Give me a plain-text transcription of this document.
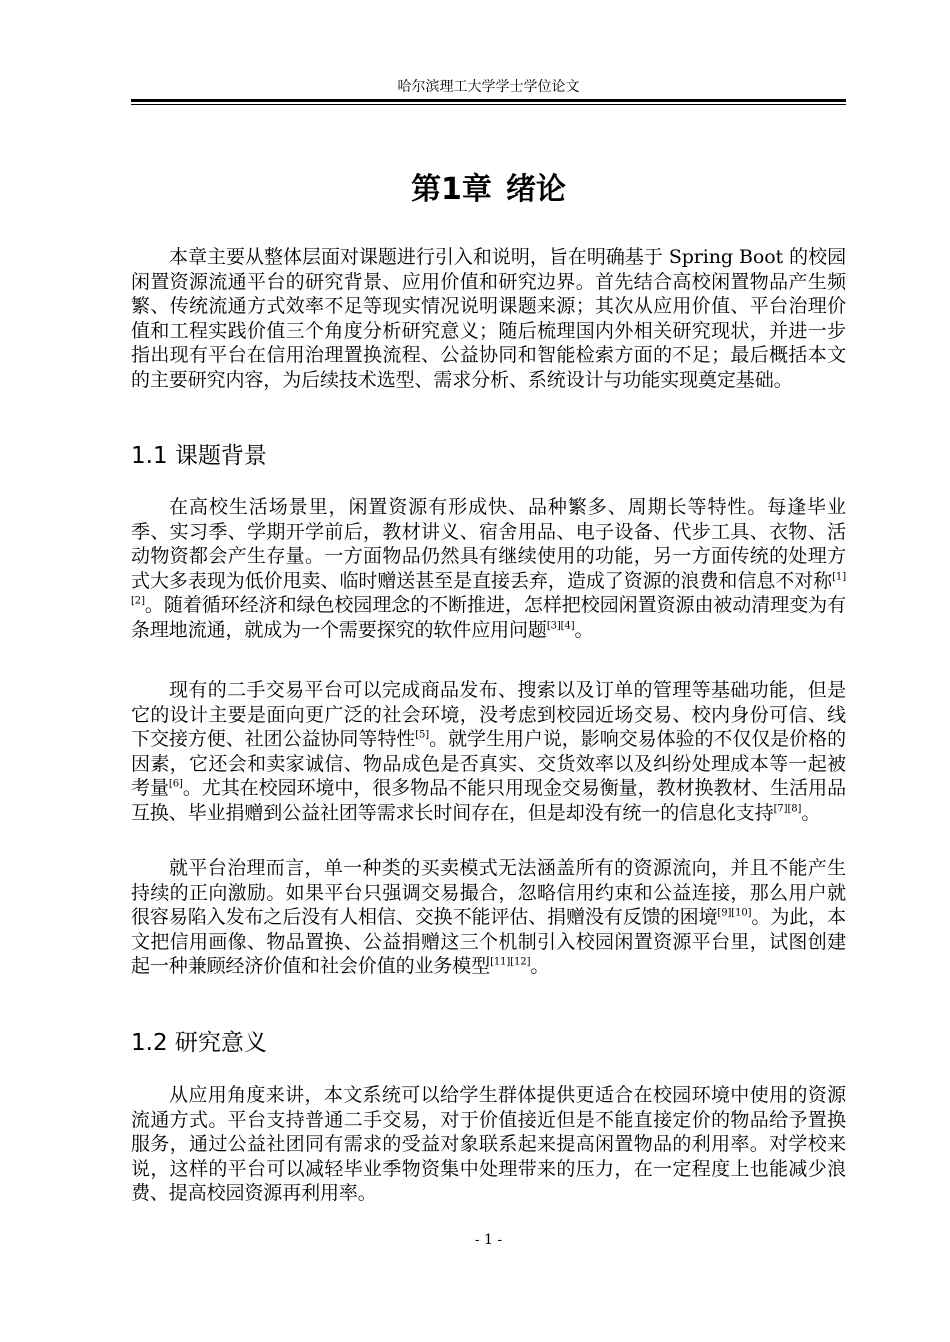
哈尔滨理工大学学士学位论文
第1章 绪论

本章主要从整体层面对课题进行引入和说明，旨在明确基于 Spring Boot 的校园闲置资源流通平台的研究背景、应用价值和研究边界。首先结合高校闲置物品产生频繁、传统流通方式效率不足等现实情况说明课题来源；其次从应用价值、平台治理价值和工程实践价值三个角度分析研究意义；随后梳理国内外相关研究现状，并进一步指出现有平台在信用治理置换流程、公益协同和智能检索方面的不足；最后概括本文的主要研究内容，为后续技术选型、需求分析、系统设计与功能实现奠定基础。

1.1 课题背景

在高校生活场景里，闲置资源有形成快、品种繁多、周期长等特性。每逢毕业季、实习季、学期开学前后，教材讲义、宿舍用品、电子设备、代步工具、衣物、活动物资都会产生存量。一方面物品仍然具有继续使用的功能，另一方面传统的处理方式大多表现为低价甩卖、临时赠送甚至是直接丢弃，造成了资源的浪费和信息不对称[1][2]。随着循环经济和绿色校园理念的不断推进，怎样把校园闲置资源由被动清理变为有条理地流通，就成为一个需要探究的软件应用问题[3][4]。

现有的二手交易平台可以完成商品发布、搜索以及订单的管理等基础功能，但是它的设计主要是面向更广泛的社会环境，没考虑到校园近场交易、校内身份可信、线下交接方便、社团公益协同等特性[5]。就学生用户说，影响交易体验的不仅仅是价格的因素，它还会和卖家诚信、物品成色是否真实、交货效率以及纠纷处理成本等一起被考量[6]。尤其在校园环境中，很多物品不能只用现金交易衡量，教材换教材、生活用品互换、毕业捐赠到公益社团等需求长时间存在，但是却没有统一的信息化支持[7][8]。

就平台治理而言，单一种类的买卖模式无法涵盖所有的资源流向，并且不能产生持续的正向激励。如果平台只强调交易撮合，忽略信用约束和公益连接，那么用户就很容易陷入发布之后没有人相信、交换不能评估、捐赠没有反馈的困境[9][10]。为此，本文把信用画像、物品置换、公益捐赠这三个机制引入校园闲置资源平台里，试图创建起一种兼顾经济价值和社会价值的业务模型[11][12]。

1.2 研究意义

从应用角度来讲，本文系统可以给学生群体提供更适合在校园环境中使用的资源流通方式。平台支持普通二手交易，对于价值接近但是不能直接定价的物品给予置换服务，通过公益社团同有需求的受益对象联系起来提高闲置物品的利用率。对学校来说，这样的平台可以减轻毕业季物资集中处理带来的压力，在一定程度上也能减少浪费、提高校园资源再利用率。

- 1 -
